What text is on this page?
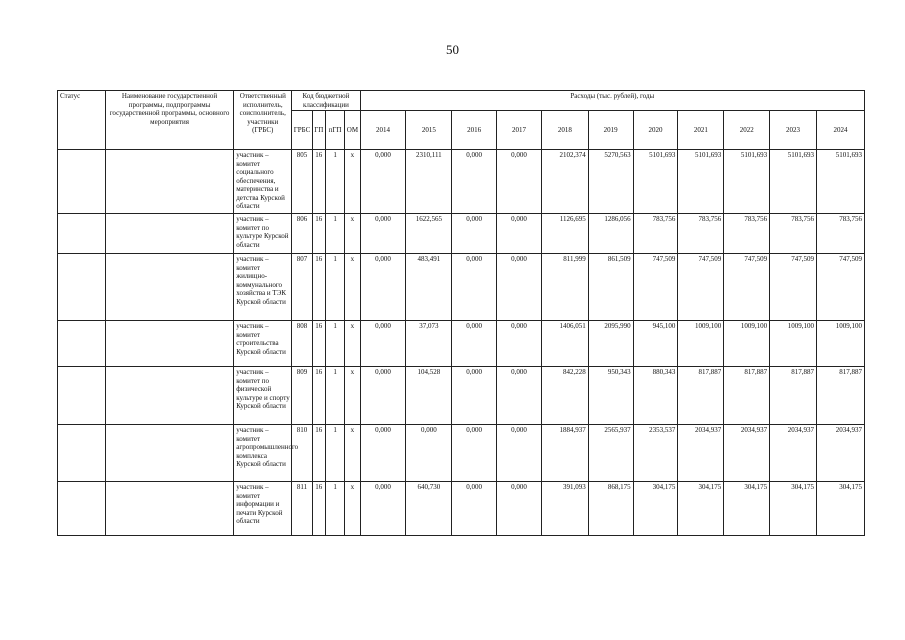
50
Статус	Наименование государственной программы, подпрограммы государственной программы, основного мероприятия	Ответственный исполнитель, соисполнитель, участники (ГРБС)	Код бюджетной классификации				Расходы (тыс. рублей), годы										
			ГРБС	ГП	пГП	ОМ	2014	2015	2016	2017	2018	2019	2020	2021	2022	2023	2024
		участник – комитет социального обеспечения, материнства и детства Курской области	805	16	1	х	0,000	2310,111	0,000	0,000	2102,374	5270,563	5101,693	5101,693	5101,693	5101,693	5101,693
		участник – комитет по культуре Курской области	806	16	1	х	0,000	1622,565	0,000	0,000	1126,695	1286,056	783,756	783,756	783,756	783,756	783,756
		участник – комитет жилищно-коммунального хозяйства и ТЭК Курской области	807	16	1	х	0,000	483,491	0,000	0,000	811,999	861,509	747,509	747,509	747,509	747,509	747,509
		участник – комитет строительства Курской области	808	16	1	х	0,000	37,073	0,000	0,000	1406,051	2095,990	945,100	1009,100	1009,100	1009,100	1009,100
		участник – комитет по физической культуре и спорту Курской области	809	16	1	х	0,000	104,528	0,000	0,000	842,228	950,343	880,343	817,887	817,887	817,887	817,887
		участник – комитет агропромышленного комплекса Курской области	810	16	1	х	0,000	0,000	0,000	0,000	1884,937	2565,937	2353,537	2034,937	2034,937	2034,937	2034,937
		участник – комитет информации и печати Курской области	811	16	1	х	0,000	640,730	0,000	0,000	391,093	868,175	304,175	304,175	304,175	304,175	304,175
